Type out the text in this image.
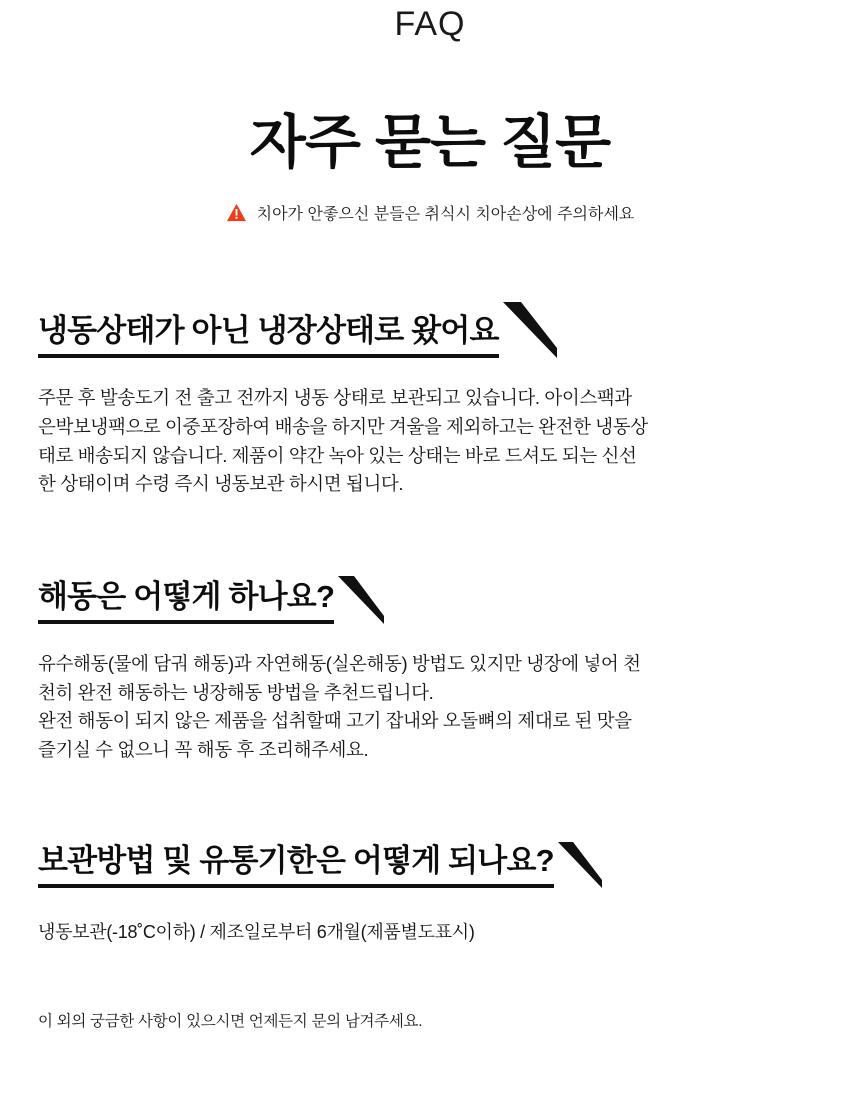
FAQ
자주 묻는 질문
치아가 안좋으신 분들은 취식시 치아손상에 주의하세요
냉동상태가 아닌 냉장상태로 왔어요
주문 후 발송도기 전 출고 전까지 냉동 상태로 보관되고 있습니다. 아이스팩과
은박보냉팩으로 이중포장하여 배송을 하지만 겨울을 제외하고는 완전한 냉동상
태로 배송되지 않습니다. 제품이 약간 녹아 있는 상태는 바로 드셔도 되는 신선
한 상태이며 수령 즉시 냉동보관 하시면 됩니다.
해동은 어떻게 하나요?
유수해동(물에 담궈 해동)과 자연해동(실온해동) 방법도 있지만 냉장에 넣어 천
천히 완전 해동하는 냉장해동 방법을 추천드립니다.
완전 해동이 되지 않은 제품을 섭취할때 고기 잡내와 오돌뼈의 제대로 된 맛을
즐기실 수 없으니 꼭 해동 후 조리해주세요.
보관방법 및 유통기한은 어떻게 되나요?
냉동보관(-18˚C이하) / 제조일로부터 6개월(제품별도표시)
이 외의 궁금한 사항이 있으시면 언제든지 문의 남겨주세요.
